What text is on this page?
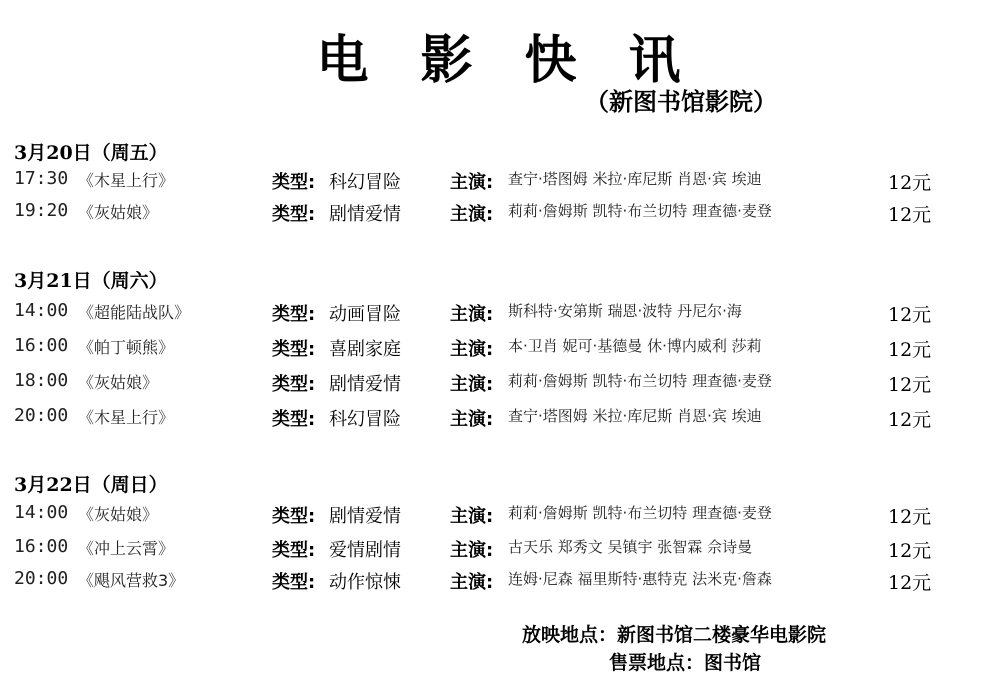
电 影 快 讯
（新图书馆影院）
3月20日（周五）
17:30 《木星上行》	类型: 科幻冒险	主演: 查宁·塔图姆 米拉·库尼斯 肖恩·宾 埃迪	12元
19:20 《灰姑娘》	类型: 剧情爱情	主演: 莉莉·詹姆斯 凯特·布兰切特 理查德·麦登	12元
3月21日（周六）
14:00 《超能陆战队》	类型: 动画冒险	主演: 斯科特·安第斯 瑞恩·波特 丹尼尔·海	12元
16:00 《帕丁顿熊》	类型: 喜剧家庭	主演: 本·卫肖 妮可·基德曼 休·博内威利 莎莉	12元
18:00 《灰姑娘》	类型: 剧情爱情	主演: 莉莉·詹姆斯 凯特·布兰切特 理查德·麦登	12元
20:00 《木星上行》	类型: 科幻冒险	主演: 查宁·塔图姆 米拉·库尼斯 肖恩·宾 埃迪	12元
3月22日（周日）
14:00 《灰姑娘》	类型: 剧情爱情	主演: 莉莉·詹姆斯 凯特·布兰切特 理查德·麦登	12元
16:00 《冲上云霄》	类型: 爱情剧情	主演: 古天乐 郑秀文 吴镇宇 张智霖 佘诗曼	12元
20:00 《飓风营救3》	类型: 动作惊悚	主演: 连姆·尼森 福里斯特·惠特克 法米克·詹森	12元
放映地点：新图书馆二楼豪华电影院
售票地点：图书馆
